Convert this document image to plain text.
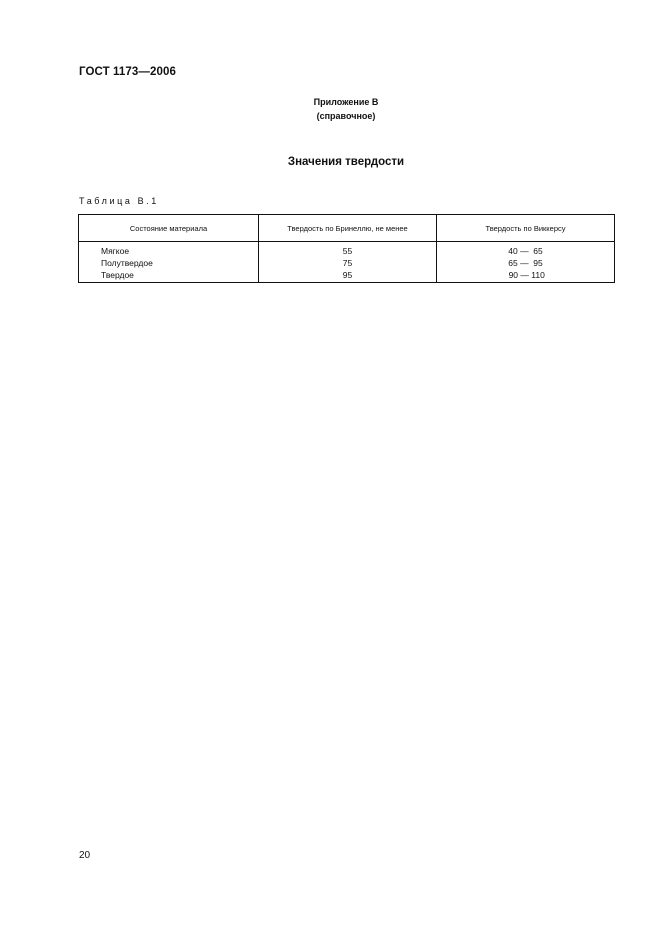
ГОСТ 1173—2006
Приложение В
(справочное)
Значения твердости
Таблица В.1
Состояние материала	Твердость по Бринеллю, не менее	Твердость по Виккерсу
Мягкое	55	40 —  65
Полутвердое	75	65 —  95
Твердое	95	90 — 110
20
